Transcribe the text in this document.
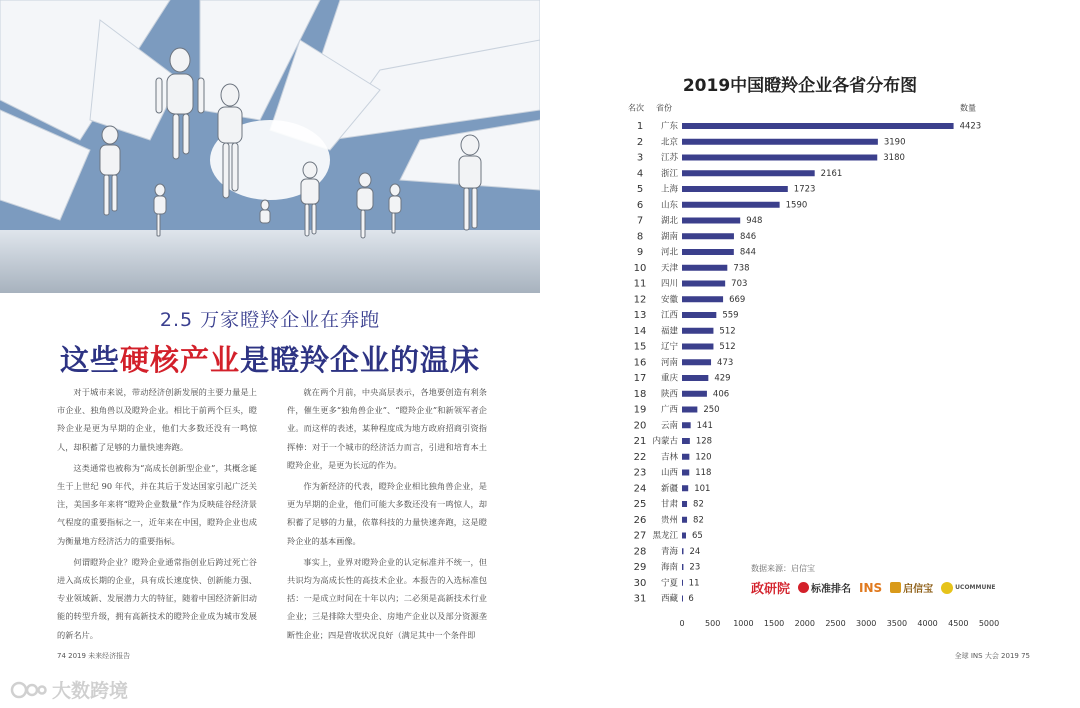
2.5 万家瞪羚企业在奔跑
这些硬核产业是瞪羚企业的温床

对于城市来说，带动经济创新发展的主要力量是上市企业、独角兽以及瞪羚企业。相比于前两个巨头，瞪羚企业是更为早期的企业，他们大多数还没有一鸣惊人，却积蓄了足够的力量快速奔跑。

这类通常也被称为“高成长创新型企业”，其概念诞生于上世纪 90 年代，并在其后于发达国家引起广泛关注，美国多年来将“瞪羚企业数量”作为反映硅谷经济景气程度的重要指标之一，近年来在中国，瞪羚企业也成为衡量地方经济活力的重要指标。

何谓瞪羚企业？瞪羚企业通常指创业后跨过死亡谷进入高成长期的企业，具有成长速度快、创新能力强、专业领域新、发展潜力大的特征，随着中国经济新旧动能的转型升级，拥有高新技术的瞪羚企业成为城市发展的新名片。

就在两个月前，中央高层表示，各地要创造有利条件，催生更多“独角兽企业”、“瞪羚企业”和新领军者企业。而这样的表述，某种程度成为地方政府招商引资指挥棒：对于一个城市的经济活力而言，引进和培育本土瞪羚企业，是更为长远的作为。

作为新经济的代表，瞪羚企业相比独角兽企业，是更为早期的企业，他们可能大多数还没有一鸣惊人，却积蓄了足够的力量，依靠科技的力量快速奔跑，这是瞪羚企业的基本画像。

事实上，业界对瞪羚企业的认定标准并不统一，但共识均为高成长性的高技术企业。本报告的入选标准包括：一是成立时间在十年以内；二必须是高新技术行业企业；三是排除大型央企、房地产企业以及部分资源垄断性企业；四是营收状况良好（满足其中一个条件即

74 2019 未来经济报告	全球 INS 大会 2019 75
大数跨境
2019中国瞪羚企业各省分布图
名次 省份	数量
1 广东	4423
2 北京	3190
3 江苏	3180
4 浙江	2161
5 上海	1723
6 山东	1590
7 湖北	948
8 湖南	846
9 河北	844
10 天津	738
11 四川	703
12 安徽	669
13 江西	559
14 福建	512
15 辽宁	512
16 河南	473
17 重庆	429
18 陕西	406
19 广西	250
20 云南 141
21 内蒙古 128
22 吉林 120
23 山西 118
24 新疆 101
25 甘肃 82
26 贵州 82
27 黑龙江 65
28 青海 24
29 海南 23
30 宁夏 11
31 西藏 6
0	500 1000 1500 2000 2500 3000 3500 4000 4500 5000
数据来源：启信宝
政研院 标准排名 INS 启信宝	UCOMMUNE
